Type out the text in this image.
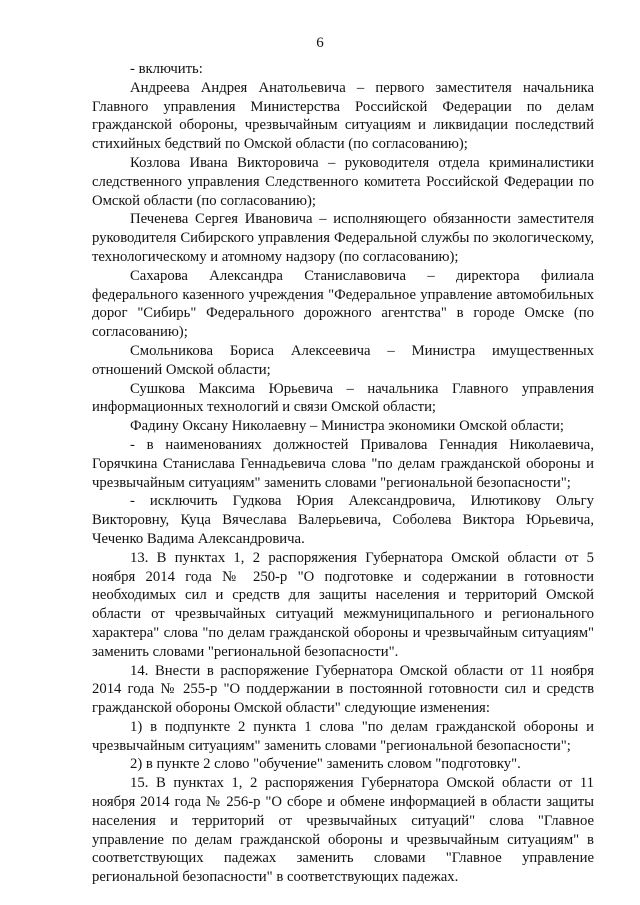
6

- включить:

Андреева Андрея Анатольевича – первого заместителя начальника Главного управления Министерства Российской Федерации по делам гражданской обороны, чрезвычайным ситуациям и ликвидации последствий стихийных бедствий по Омской области (по согласованию);

Козлова Ивана Викторовича – руководителя отдела криминалистики следственного управления Следственного комитета Российской Федерации по Омской области (по согласованию);

Печенева Сергея Ивановича – исполняющего обязанности заместителя руководителя Сибирского управления Федеральной службы по экологическому, технологическому и атомному надзору (по согласованию);

Сахарова Александра Станиславовича – директора филиала федерального казенного учреждения "Федеральное управление автомобильных дорог "Сибирь" Федерального дорожного агентства" в городе Омске (по согласованию);

Смольникова Бориса Алексеевича – Министра имущественных отношений Омской области;

Сушкова Максима Юрьевича – начальника Главного управления информационных технологий и связи Омской области;

Фадину Оксану Николаевну – Министра экономики Омской области;

- в наименованиях должностей Привалова Геннадия Николаевича, Горячкина Станислава Геннадьевича слова "по делам гражданской обороны и чрезвычайным ситуациям" заменить словами "региональной безопасности";

- исключить Гудкова Юрия Александровича, Илютикову Ольгу Викторовну, Куца Вячеслава Валерьевича, Соболева Виктора Юрьевича, Чеченко Вадима Александровича.

13. В пунктах 1, 2 распоряжения Губернатора Омской области от 5 ноября 2014 года № 250-р "О подготовке и содержании в готовности необходимых сил и средств для защиты населения и территорий Омской области от чрезвычайных ситуаций межмуниципального и регионального характера" слова "по делам гражданской обороны и чрезвычайным ситуациям" заменить словами "региональной безопасности".

14. Внести в распоряжение Губернатора Омской области от 11 ноября 2014 года № 255-р "О поддержании в постоянной готовности сил и средств гражданской обороны Омской области" следующие изменения:

1) в подпункте 2 пункта 1 слова "по делам гражданской обороны и чрезвычайным ситуациям" заменить словами "региональной безопасности";

2) в пункте 2 слово "обучение" заменить словом "подготовку".

15. В пунктах 1, 2 распоряжения Губернатора Омской области от 11 ноября 2014 года № 256-р "О сборе и обмене информацией в области защиты населения и территорий от чрезвычайных ситуаций" слова "Главное управление по делам гражданской обороны и чрезвычайным ситуациям" в соответствующих падежах заменить словами "Главное управление региональной безопасности" в соответствующих падежах.
